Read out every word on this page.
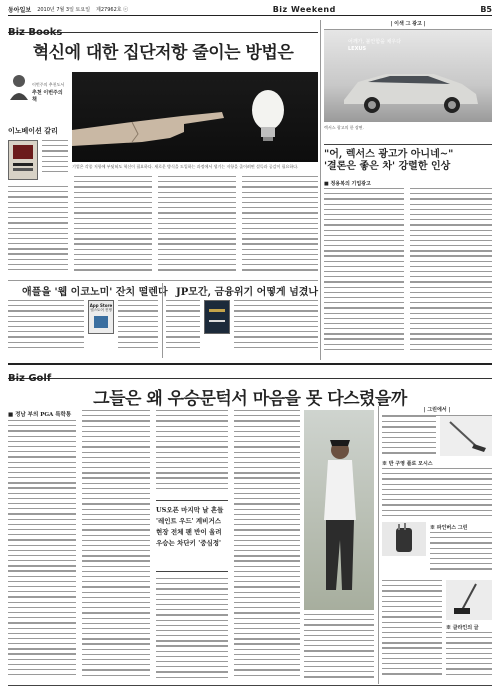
동아일보 2010년 7월 3일 토요일 제27962호 ⓒ	Biz Weekend	B5
Biz Books
혁신에 대한 집단저항 줄이는 방법은
이번주의 추천도서
추천 이번주의 책
이노베이션 갈리
기업은 각종 저항에 부딪혀도 혁신이 필요하다. 새로운 방식을 도입하는 과정에서 생기는 저항을 줄이려면 설득과 공감이 필요하다.
애플을 '웹 이코노미' 잔치 떨렌다 JP모간, 금융위기 어떻게 넘겼나
App Store
앱스토어 전쟁
| 이색 그 광고 |
어깨가, 불안함을 채우다
LEXUS
렉서스 광고의 한 장면.
"어, 렉서스 광고가 아니네~"
'결론은 좋은 차' 강렬한 인상
■ 정용복의 기업광고
Biz Golf
그들은 왜 우승문턱서 마음을 못 다스렸을까
■ 정남 부의 PGA 특학통
US오픈 마지막 날 흔들
'레인트 우드' 계비거스
현장 전체 팬 반이 올려
우승는 차단키 '중심정'
| 그린에서 |
※ 반 구영 플로 모시스
※ 파인버스 그린
※ 클라인의 글
